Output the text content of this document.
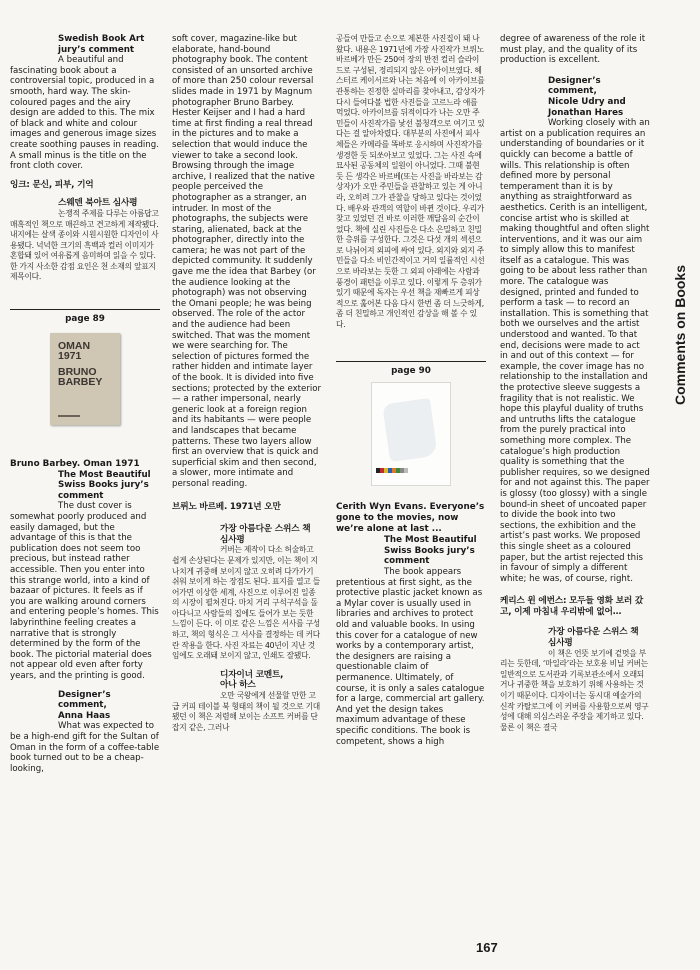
Swedish Book Art

jury’s comment

A beautiful and fascinating book about a controversial topic, produced in a smooth, hard way. The skin-coloured pages and the airy design are added to this. The mix of black and white and colour images and generous image sizes create soothing pauses in reading. A small minus is the title on the front cloth cover.

잉크: 문신, 피부, 기억

스웨덴 북아트 심사평

논쟁적 주제를 다루는 아름답고 매혹적인 책으로 매끈하고 견고하게 제작됐다. 내지에는 살색 종이와 시원시원한 디자인이 사용됐다. 넉넉한 크기의 흑백과 컬러 이미지가 혼합돼 있어 여유롭게 음미하며 읽을 수 있다. 한 가지 사소한 감점 요인은 천 소재의 앞표지 제목이다.

page 89
OMAN
1971
BRUNO
BARBEY

Bruno Barbey. Oman 1971

The Most Beautiful

Swiss Books jury’s

comment

The dust cover is somewhat poorly produced and easily damaged, but the advantage of this is that the publication does not seem too precious, but instead rather accessible. Then you enter into this strange world, into a kind of bazaar of pictures. It feels as if you are walking around corners and entering people’s homes. This labyrinthine feeling creates a narrative that is strongly determined by the form of the book. The pictorial material does not appear old even after forty years, and the printing is good.

Designer’s comment,

Anna Haas

What was expected to be a high-end gift for the Sultan of Oman in the form of a coffee-table book turned out to be a cheap-looking,

soft cover, magazine-like but elaborate, hand-bound photography book. The content consisted of an unsorted archive of more than 250 colour reversal slides made in 1971 by Magnum photographer Bruno Barbey. Hester Keijser and I had a hard time at first finding a real thread in the pictures and to make a selection that would induce the viewer to take a second look. Browsing through the image archive, I realized that the native people perceived the photographer as a stranger, an intruder. In most of the photographs, the subjects were staring, alienated, back at the photographer, directly into the camera; he was not part of the depicted community. It suddenly gave me the idea that Barbey (or the audience looking at the photograph) was not observing the Omani people; he was being observed. The role of the actor and the audience had been switched. That was the moment we were searching for. The selection of pictures formed the rather hidden and intimate layer of the book. It is divided into five sections; protected by the exterior — a rather impersonal, nearly generic look at a foreign region and its habitants — were people and landscapes that became patterns. These two layers allow first an overview that is quick and superficial skim and then second, a slower, more intimate and personal reading.

브뤼노 바르베. 1971년 오만

가장 아름다운 스위스 책

심사평

커버는 제작이 다소 허술하고 쉽게 손상된다는 문제가 있지만, 이는 책이 지나치게 귀중해 보이지 않고 오히려 다가가기 쉬워 보이게 하는 장점도 된다. 표지를 열고 들어가면 이상한 세계, 사진으로 이루어진 일종의 시장이 펼쳐진다. 마치 거리 구석구석을 돌아다니고 사람들의 집에도 들어가 보는 듯한 느낌이 든다. 이 미로 같은 느낌은 서사를 구성하고, 책의 형식은 그 서사를 결정하는 데 커다란 작용을 한다. 사진 자료는 40년이 지난 것임에도 오래돼 보이지 않고, 인쇄도 잘됐다.

디자이너 코멘트,

아나 하스

오만 국왕에게 선물할 만한 고급 커피 테이블 북 형태의 책이 될 것으로 기대됐던 이 책은 저렴해 보이는 소프트 커버를 단 잡지 같은, 그러나

공들여 만들고 손으로 제본한 사진집이 돼 나왔다. 내용은 1971년에 가장 사진작가 브뤼노 바르베가 만든 250여 장의 반전 컬러 슬라이드로 구성된, 정리되지 않은 아카이브였다. 헤스터르 케이서르와 나는 처음에 이 아카이브를 관통하는 진정한 실마리를 찾아내고, 감상자가 다시 들여다볼 법한 사진들을 고르느라 애를 먹었다. 아카이브를 뒤적이다가 나는 오만 주민들이 사진작가를 낯선 불청객으로 여기고 있다는 걸 알아차렸다. 대부분의 사진에서 피사체들은 카메라를 똑바로 응시하며 사진작가를 생경한 듯 되쏘아보고 있었다. 그는 사진 속에 묘사된 공동체의 일원이 아니었다. 그때 불현듯 든 생각은 바르베(또는 사진을 바라보는 감상자)가 오만 주민들을 관찰하고 있는 게 아니라, 오히려 그가 관찰을 당하고 있다는 것이었다. 배우와 관객의 역할이 바뀐 것이다. 우리가 찾고 있었던 건 바로 이러한 깨달음의 순간이었다. 책에 실린 사진들은 다소 은밀하고 친밀한 층위를 구성한다. 그것은 다섯 개의 섹션으로 나뉘어져 외피에 싸여 있다. 외지와 외지 주민들을 다소 비인간적이고 거의 일률적인 시선으로 바라보는 듯한 그 외피 아래에는 사람과 풍경이 패턴을 이루고 있다. 이렇게 두 층위가 있기 때문에 독자는 우선 책을 재빠르게 피상적으로 훑어본 다음 다시 한번 좀 더 느긋하게, 좀 더 친밀하고 개인적인 감상을 해 볼 수 있다.

page 90

Cerith Wyn Evans. Everyone’s gone to the movies, now we’re alone at last ...

The Most Beautiful

Swiss Books jury’s

comment

The book appears pretentious at first sight, as the protective plastic jacket known as a Mylar cover is usually used in libraries and archives to protect old and valuable books. In using this cover for a catalogue of new works by a contemporary artist, the designers are raising a questionable claim of permanence. Ultimately, of course, it is only a sales catalogue for a large, commercial art gallery. And yet the design takes maximum advantage of these specific conditions. The book is competent, shows a high

degree of awareness of the role it must play, and the quality of its production is excellent.

Designer’s comment,

Nicole Udry and

Jonathan Hares

Working closely with an artist on a publication requires an understanding of boundaries or it quickly can become a battle of wills. This relationship is often defined more by personal temperament than it is by anything as straightforward as aesthetics. Cerith is an intelligent, concise artist who is skilled at making thoughtful and often slight interventions, and it was our aim to simply allow this to manifest itself as a catalogue. This was going to be about less rather than more. The catalogue was designed, printed and funded to perform a task — to record an installation. This is something that both we ourselves and the artist understood and wanted. To that end, decisions were made to act in and out of this context — for example, the cover image has no relationship to the installation and the protective sleeve suggests a fragility that is not realistic. We hope this playful duality of truths and untruths lifts the catalogue from the purely practical into something more complex. The catalogue’s high production quality is something that the publisher requires, so we designed for and not against this. The paper is glossy (too glossy) with a single bound-in sheet of uncoated paper to divide the book into two sections, the exhibition and the artist’s past works. We proposed this single sheet as a coloured paper, but the artist rejected this in favour of simply a different white; he was, of course, right.

케리스 윈 에번스: 모두들 영화 보러 갔고, 이제 마침내 우리밖에 없어…

가장 아름다운 스위스 책

심사평

이 책은 언뜻 보기에 겉멋을 부리는 듯한데, ‘마일라’라는 보호용 비닐 커버는 일반적으로 도서관과 기록보관소에서 오래되거나 귀중한 책을 보호하기 위해 사용하는 것이기 때문이다. 디자이너는 동시대 예술가의 신작 카탈로그에 이 커버를 사용함으로써 영구성에 대해 의심스러운 주장을 제기하고 있다. 물론 이 책은 결국

Comments on Books
167
